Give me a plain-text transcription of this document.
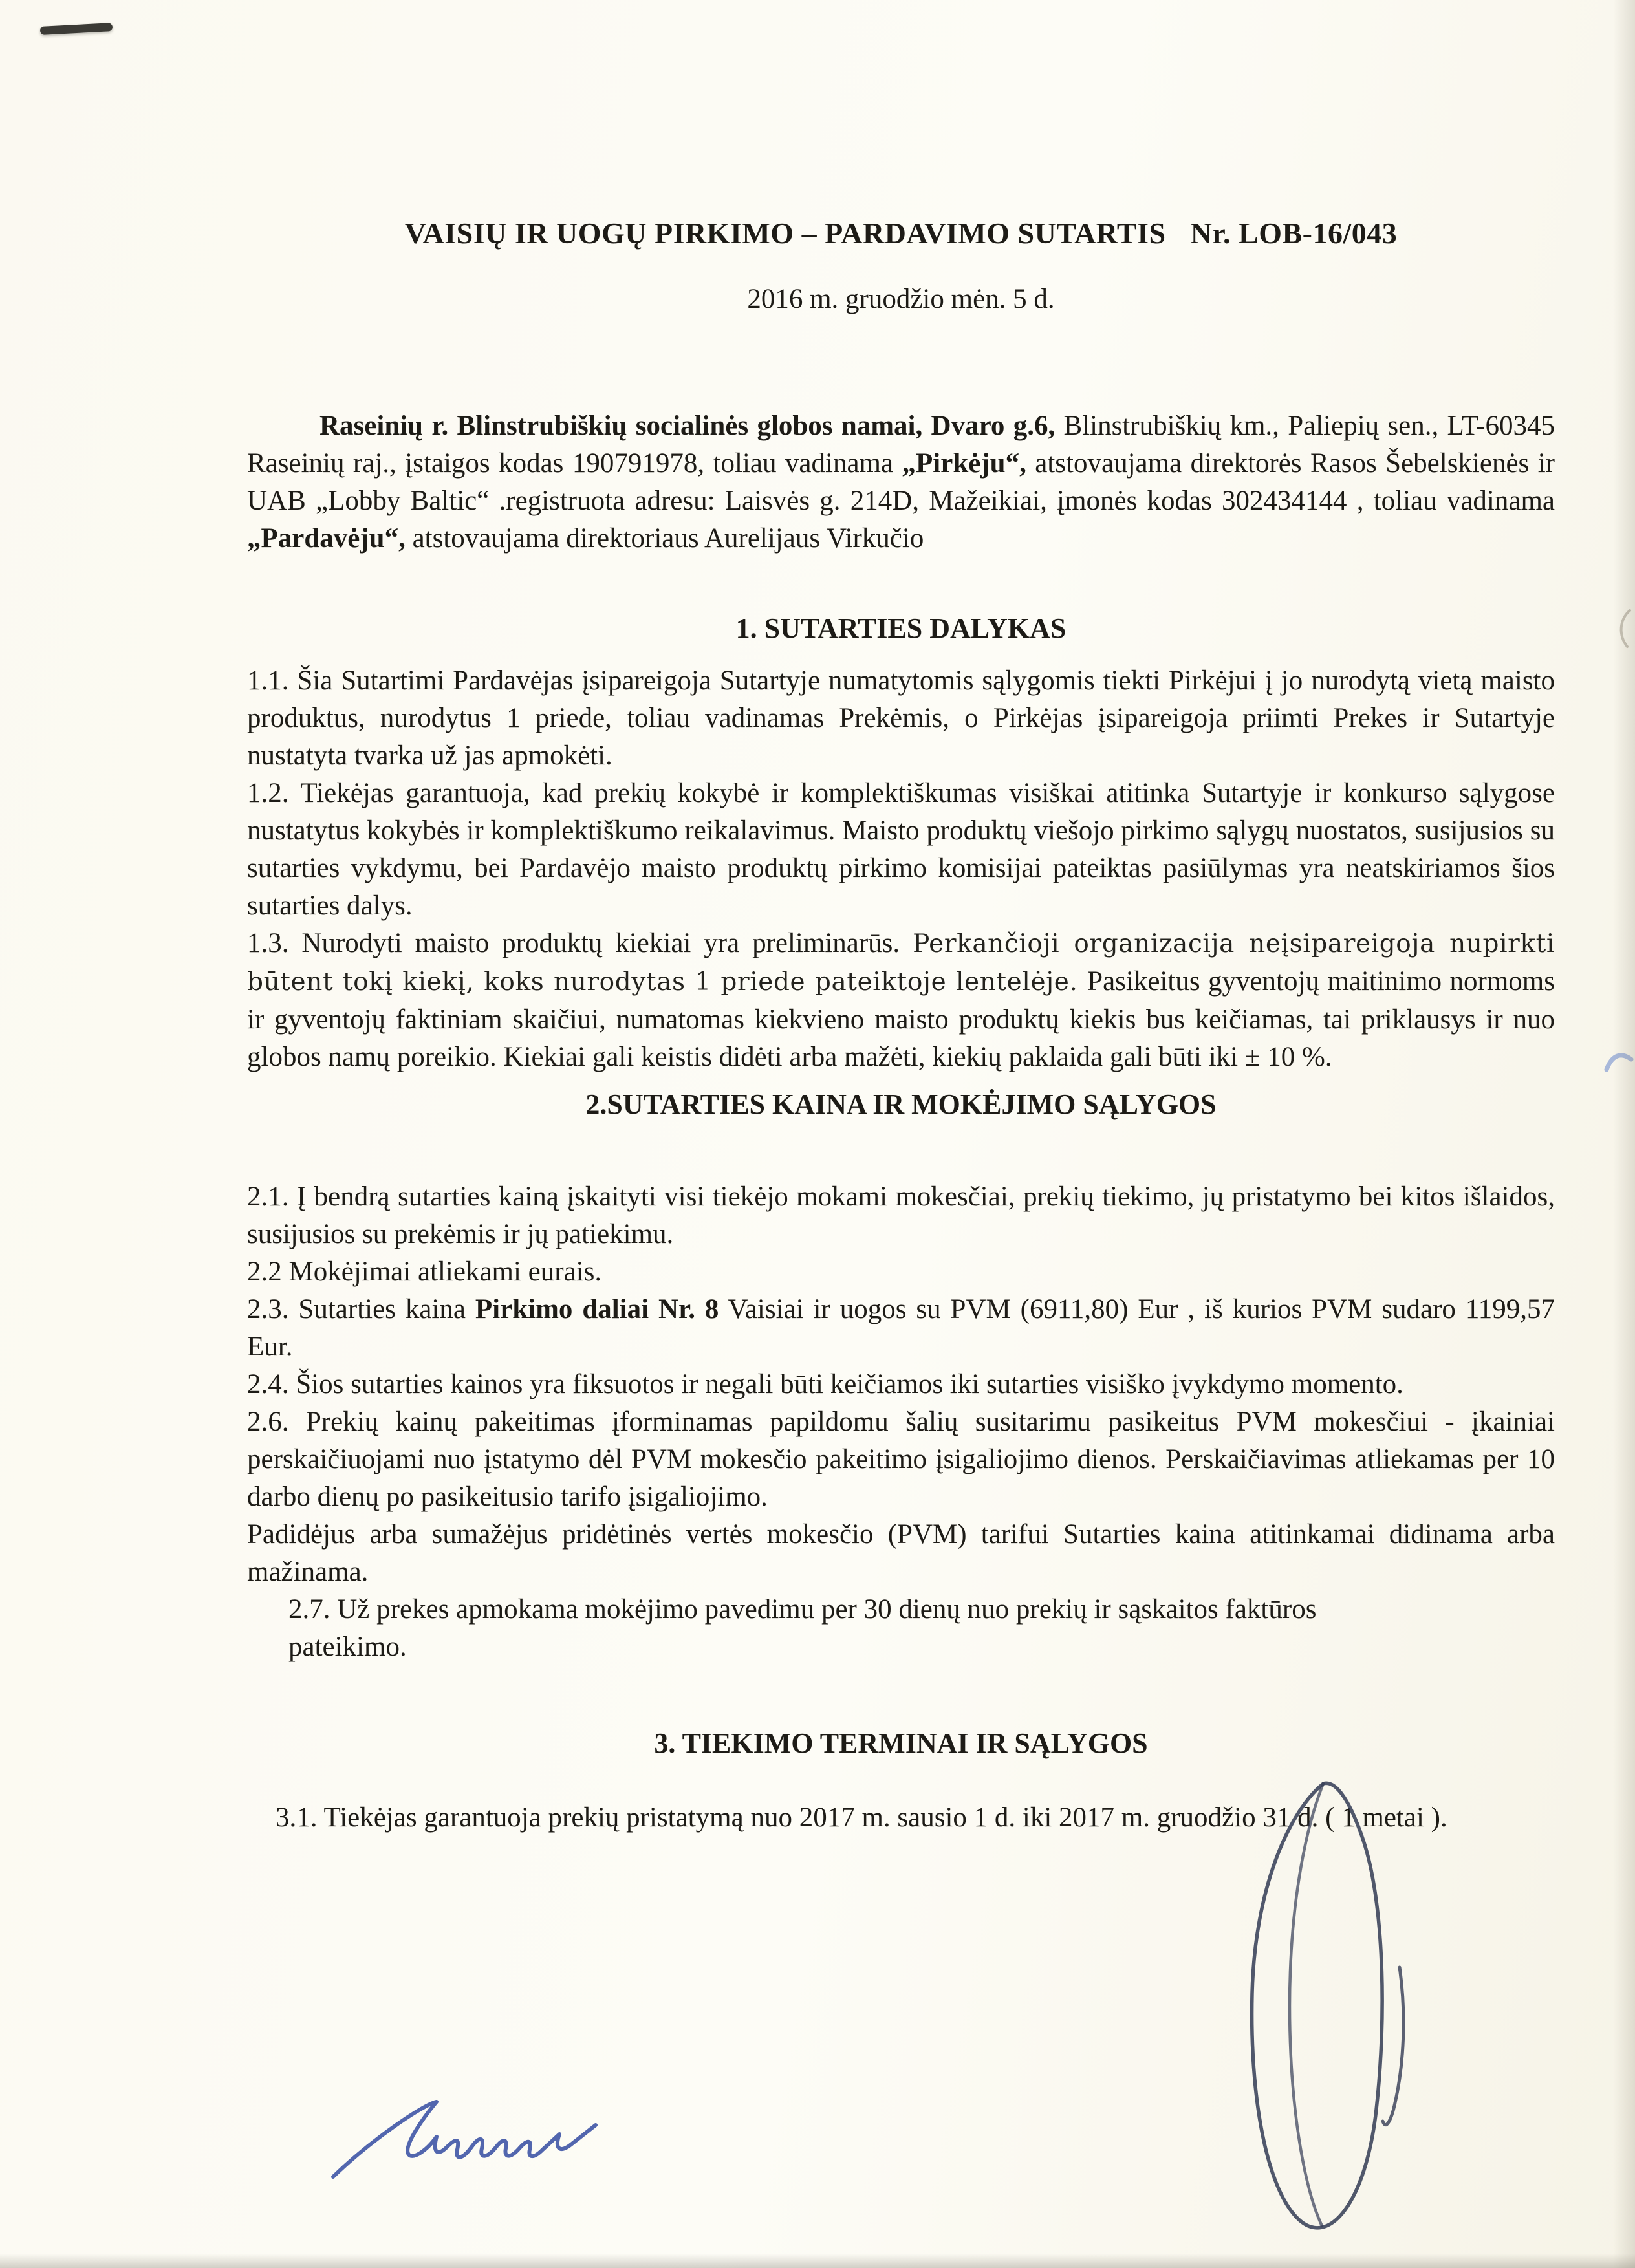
VAISIŲ IR UOGŲ PIRKIMO – PARDAVIMO SUTARTIS Nr. LOB-16/043

2016 m. gruodžio mėn. 5 d.

Raseinių r. Blinstrubiškių socialinės globos namai, Dvaro g.6, Blinstrubiškių km., Paliepių sen., LT-60345 Raseinių raj., įstaigos kodas 190791978, toliau vadinama „Pirkėju“, atstovaujama direktorės Rasos Šebelskienės ir UAB „Lobby Baltic“ .registruota adresu: Laisvės g. 214D, Mažeikiai, įmonės kodas 302434144 , toliau vadinama „Pardavėju“, atstovaujama direktoriaus Aurelijaus Virkučio

1. SUTARTIES DALYKAS

1.1. Šia Sutartimi Pardavėjas įsipareigoja Sutartyje numatytomis sąlygomis tiekti Pirkėjui į jo nurodytą vietą maisto produktus, nurodytus 1 priede, toliau vadinamas Prekėmis, o Pirkėjas įsipareigoja priimti Prekes ir Sutartyje nustatyta tvarka už jas apmokėti.

1.2. Tiekėjas garantuoja, kad prekių kokybė ir komplektiškumas visiškai atitinka Sutartyje ir konkurso sąlygose nustatytus kokybės ir komplektiškumo reikalavimus. Maisto produktų viešojo pirkimo sąlygų nuostatos, susijusios su sutarties vykdymu, bei Pardavėjo maisto produktų pirkimo komisijai pateiktas pasiūlymas yra neatskiriamos šios sutarties dalys.

1.3. Nurodyti maisto produktų kiekiai yra preliminarūs. Perkančioji organizacija neįsipareigoja nupirkti būtent tokį kiekį, koks nurodytas 1 priede pateiktoje lentelėje. Pasikeitus gyventojų maitinimo normoms ir gyventojų faktiniam skaičiui, numatomas kiekvieno maisto produktų kiekis bus keičiamas, tai priklausys ir nuo globos namų poreikio. Kiekiai gali keistis didėti arba mažėti, kiekių paklaida gali būti iki ± 10 %.

2.SUTARTIES KAINA IR MOKĖJIMO SĄLYGOS

2.1. Į bendrą sutarties kainą įskaityti visi tiekėjo mokami mokesčiai, prekių tiekimo, jų pristatymo bei kitos išlaidos, susijusios su prekėmis ir jų patiekimu.

2.2 Mokėjimai atliekami eurais.

2.3. Sutarties kaina Pirkimo daliai Nr. 8 Vaisiai ir uogos su PVM (6911,80) Eur , iš kurios PVM sudaro 1199,57 Eur.

2.4. Šios sutarties kainos yra fiksuotos ir negali būti keičiamos iki sutarties visiško įvykdymo momento.

2.6. Prekių kainų pakeitimas įforminamas papildomu šalių susitarimu pasikeitus PVM mokesčiui - įkainiai perskaičiuojami nuo įstatymo dėl PVM mokesčio pakeitimo įsigaliojimo dienos. Perskaičiavimas atliekamas per 10 darbo dienų po pasikeitusio tarifo įsigaliojimo.

Padidėjus arba sumažėjus pridėtinės vertės mokesčio (PVM) tarifui Sutarties kaina atitinkamai didinama arba mažinama.

2.7. Už prekes apmokama mokėjimo pavedimu per 30 dienų nuo prekių ir sąskaitos faktūros

pateikimo.

3. TIEKIMO TERMINAI IR SĄLYGOS

3.1. Tiekėjas garantuoja prekių pristatymą nuo 2017 m. sausio 1 d. iki 2017 m. gruodžio 31 d. ( 1 metai ).
